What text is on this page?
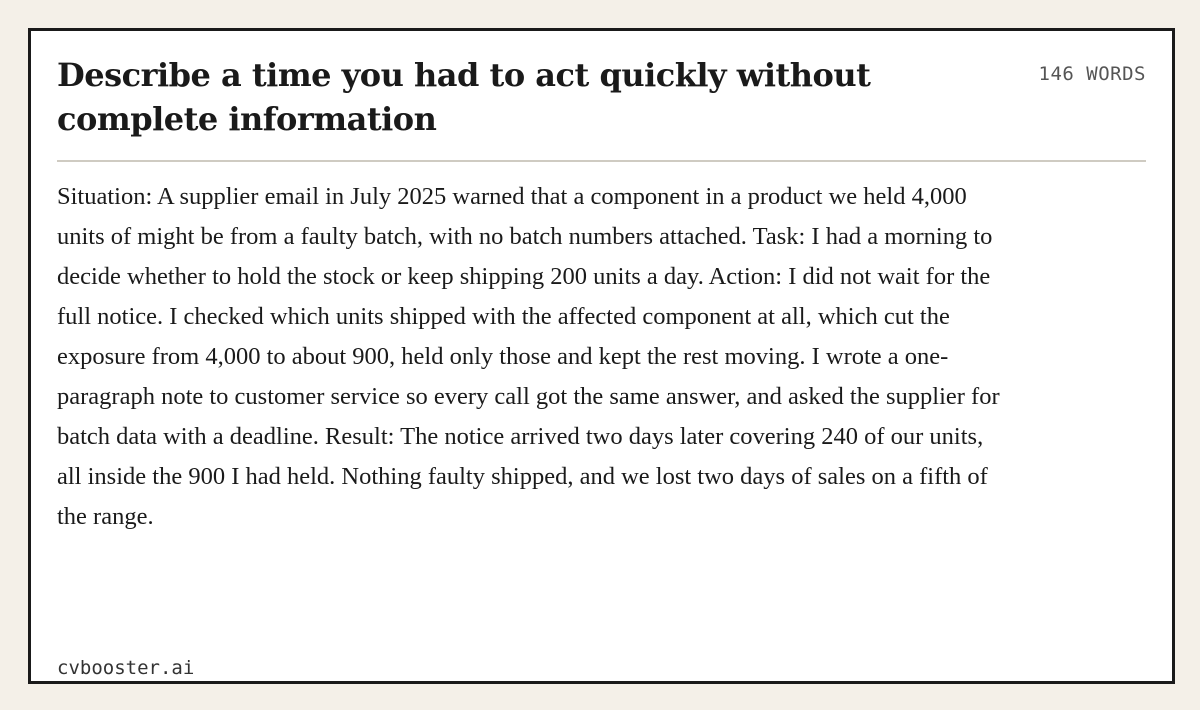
Describe a time you had to act quickly without complete information
146 WORDS

Situation: A supplier email in July 2025 warned that a component in a product we held 4,000 units of might be from a faulty batch, with no batch numbers attached. Task: I had a morning to decide whether to hold the stock or keep shipping 200 units a day. Action: I did not wait for the full notice. I checked which units shipped with the affected component at all, which cut the exposure from 4,000 to about 900, held only those and kept the rest moving. I wrote a one-paragraph note to customer service so every call got the same answer, and asked the supplier for batch data with a deadline. Result: The notice arrived two days later covering 240 of our units, all inside the 900 I had held. Nothing faulty shipped, and we lost two days of sales on a fifth of the range.

cvbooster.ai
